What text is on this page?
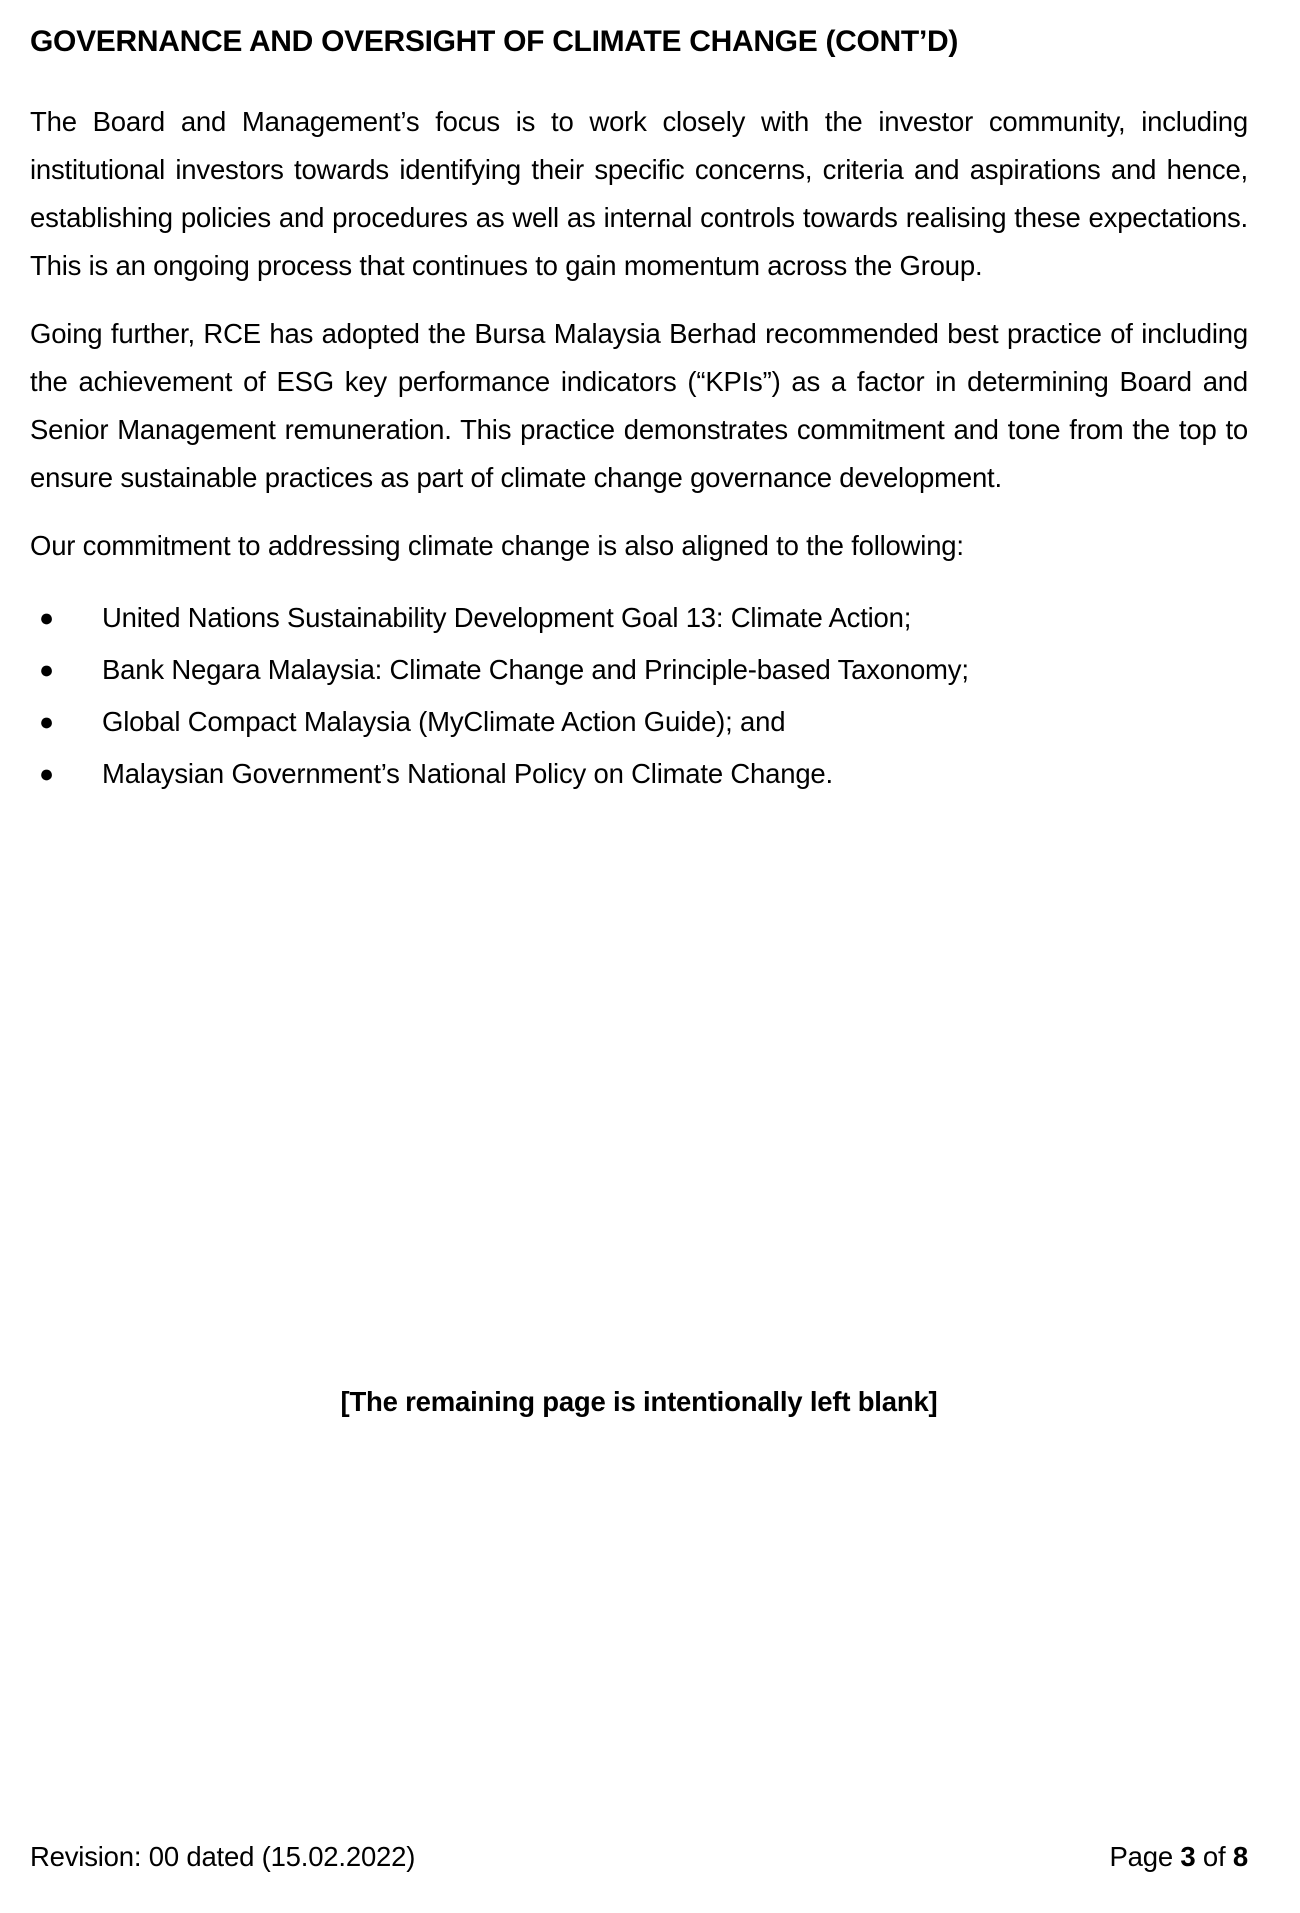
GOVERNANCE AND OVERSIGHT OF CLIMATE CHANGE (CONT’D)

The Board and Management’s focus is to work closely with the investor community, including institutional investors towards identifying their specific concerns, criteria and aspirations and hence, establishing policies and procedures as well as internal controls towards realising these expectations. This is an ongoing process that continues to gain momentum across the Group.

Going further, RCE has adopted the Bursa Malaysia Berhad recommended best practice of including the achievement of ESG key performance indicators (“KPIs”) as a factor in determining Board and Senior Management remuneration. This practice demonstrates commitment and tone from the top to ensure sustainable practices as part of climate change governance development.

Our commitment to addressing climate change is also aligned to the following:

●	United Nations Sustainability Development Goal 13: Climate Action;
●	Bank Negara Malaysia: Climate Change and Principle-based Taxonomy;
●	Global Compact Malaysia (MyClimate Action Guide); and
●	Malaysian Government’s National Policy on Climate Change.
[The remaining page is intentionally left blank]
Revision: 00 dated (15.02.2022)	Page 3 of 8
